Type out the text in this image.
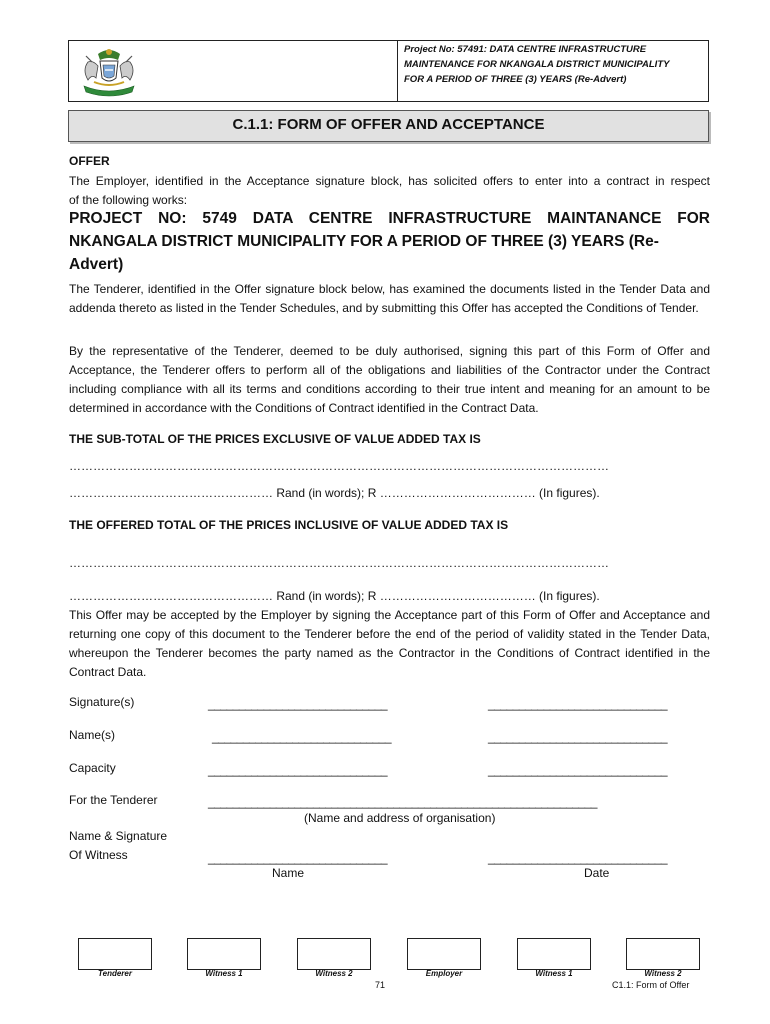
Project No: 57491: DATA CENTRE INFRASTRUCTURE
MAINTENANCE FOR NKANGALA DISTRICT MUNICIPALITY
FOR A PERIOD OF THREE (3) YEARS (Re-Advert)
C.1.1: FORM OF OFFER AND ACCEPTANCE
OFFER
The Employer, identified in the Acceptance signature block, has solicited offers to enter into a contract in respect
of the following works:
PROJECT NO: 5749 DATA CENTRE INFRASTRUCTURE MAINTANANCE FOR
NKANGALA DISTRICT MUNICIPALITY FOR A PERIOD OF THREE (3) YEARS (Re-Advert)
The Tenderer, identified in the Offer signature block below, has examined the documents listed in the Tender Data and addenda thereto as listed in the Tender Schedules, and by submitting this Offer has accepted the Conditions of Tender.
By the representative of the Tenderer, deemed to be duly authorised, signing this part of this Form of Offer and Acceptance, the Tenderer offers to perform all of the obligations and liabilities of the Contractor under the Contract including compliance with all its terms and conditions according to their true intent and meaning for an amount to be determined in accordance with the Conditions of Contract identified in the Contract Data.
THE SUB-TOTAL OF THE PRICES EXCLUSIVE OF VALUE ADDED TAX IS
………………………………………………………………………………………………………………………
…………………………………………… Rand (in words); R ………………………………… (In figures).
THE OFFERED TOTAL OF THE PRICES INCLUSIVE OF VALUE ADDED TAX IS
………………………………………………………………………………………………………………………
…………………………………………… Rand (in words); R ………………………………… (In figures).
This Offer may be accepted by the Employer by signing the Acceptance part of this Form of Offer and Acceptance and returning one copy of this document to the Tenderer before the end of the period of validity stated in the Tender Data, whereupon the Tenderer becomes the party named as the Contractor in the Conditions of Contract identified in the Contract Data.
Signature(s)	_____________________________	_____________________________
Name(s)	_____________________________	_____________________________
Capacity	_____________________________	_____________________________
For the Tenderer	_______________________________________________________________
(Name and address of organisation)
Name & Signature
Of Witness	_____________________________	_____________________________
Name	Date
Tenderer	Witness 1	Witness 2	Employer	Witness 1	Witness 2
71	C1.1: Form of Offer
